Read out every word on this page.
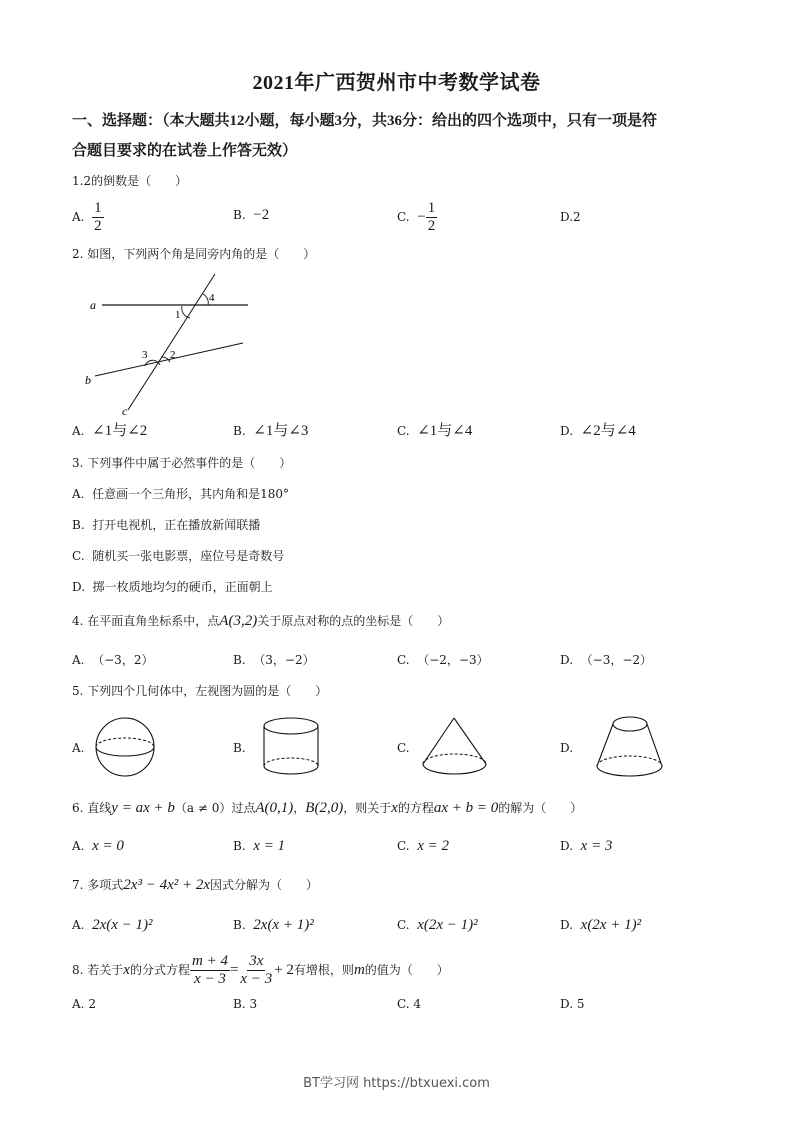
2021年广西贺州市中考数学试卷
一、选择题：（本大题共12小题，每小题3分，共36分：给出的四个选项中，只有一项是符
合题目要求的在试卷上作答无效）
1.2的倒数是（　　）
A. $\frac{1}{2}$	B. −2	C. − $\frac{1}{2}$	D.2
2. 如图，下列两个角是同旁内角的是（　　）
a
b
c
1
2
3
4
A. ∠1与∠2	B. ∠1与∠3	C. ∠1与∠4	D. ∠2与∠4
3. 下列事件中属于必然事件的是（　　）
A. 任意画一个三角形，其内角和是180°
B. 打开电视机，正在播放新闻联播
C. 随机买一张电影票，座位号是奇数号
D. 掷一枚质地均匀的硬币，正面朝上
4. 在平面直角坐标系中，点A(3,2)关于原点对称的点的坐标是（　　）
A. （−3，2）	B. （3，−2）	C. （−2，−3）	D. （−3，−2）
5. 下列四个几何体中，左视图为圆的是（　　）
A.	B.	C.	D.
6. 直线y = ax + b（a ≠ 0）过点A(0,1)，B(2,0)，则关于x的方程ax + b = 0的解为（　　）
A. x = 0	B. x = 1	C. x = 2	D. x = 3
7. 多项式2x³ − 4x² + 2x因式分解为（　　）
A. 2x(x − 1)²	B. 2x(x + 1)²	C. x(2x − 1)²	D. x(2x + 1)²
8. 若关于x的分式方程 $\frac{m + 4}{x - 3} = \frac{3x}{x - 3} + 2$有增根，则m的值为（　　）
A. 2	B. 3	C. 4	D. 5
BT学习网 https://btxuexi.com
